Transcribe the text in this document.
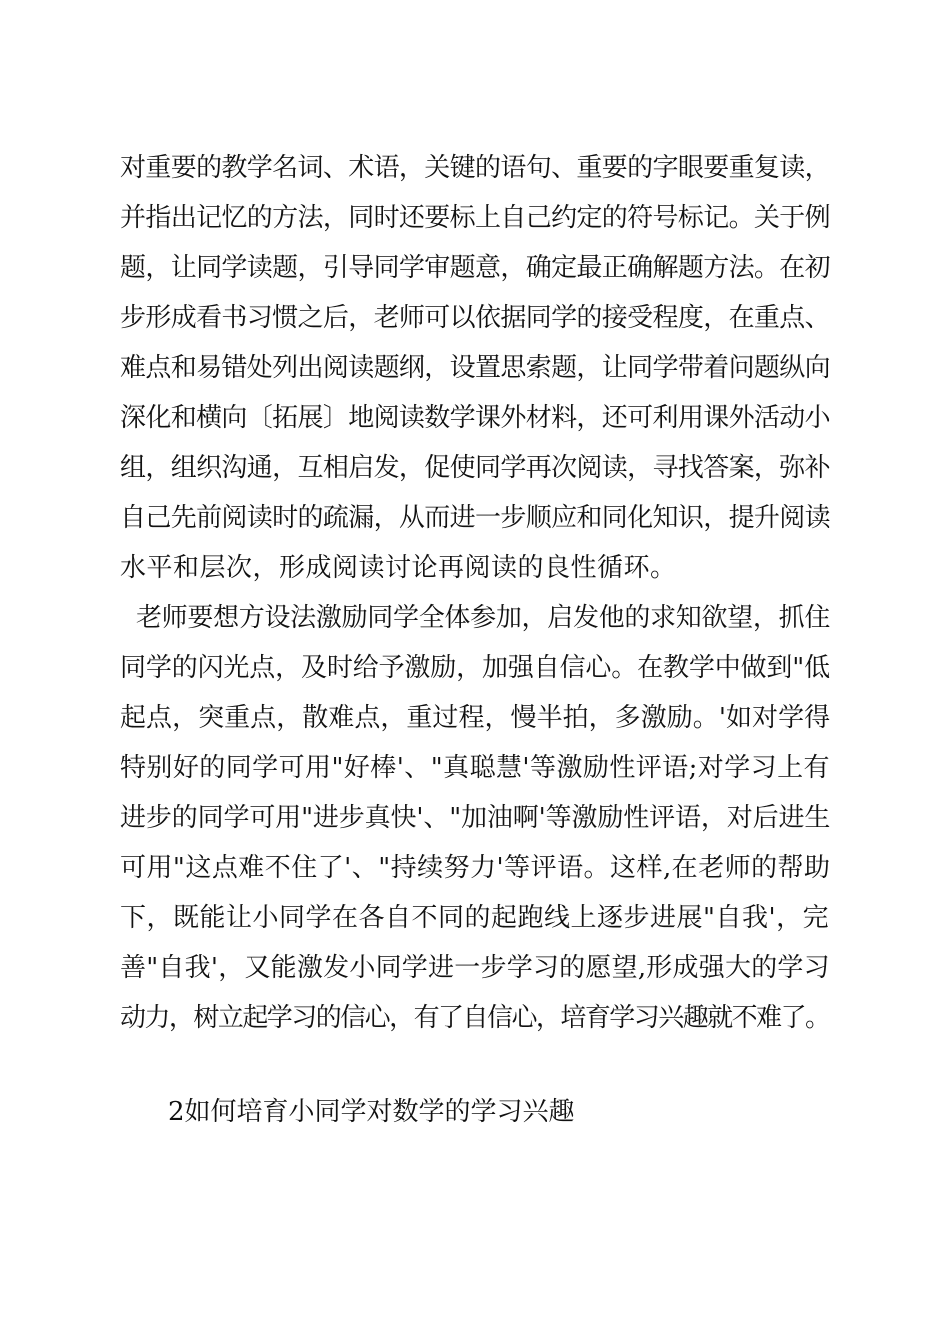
对重要的教学名词、术语，关键的语句、重要的字眼要重复读，
并指出记忆的方法，同时还要标上自己约定的符号标记。关于例
题，让同学读题，引导同学审题意，确定最正确解题方法。在初
步形成看书习惯之后，老师可以依据同学的接受程度，在重点、
难点和易错处列出阅读题纲，设置思索题，让同学带着问题纵向
深化和横向〔拓展〕地阅读数学课外材料，还可利用课外活动小
组，组织沟通，互相启发，促使同学再次阅读，寻找答案，弥补
自己先前阅读时的疏漏，从而进一步顺应和同化知识，提升阅读
水平和层次，形成阅读讨论再阅读的良性循环。
老师要想方设法激励同学全体参加，启发他的求知欲望，抓住
同学的闪光点，及时给予激励，加强自信心。在教学中做到"低
起点，突重点，散难点，重过程，慢半拍，多激励。'如对学得
特别好的同学可用"好棒'、"真聪慧'等激励性评语;对学习上有
进步的同学可用"进步真快'、"加油啊'等激励性评语，对后进生
可用"这点难不住了'、"持续努力'等评语。这样,在老师的帮助
下，既能让小同学在各自不同的起跑线上逐步进展"自我'，完
善"自我'，又能激发小同学进一步学习的愿望,形成强大的学习
动力，树立起学习的信心，有了自信心，培育学习兴趣就不难了。
2如何培育小同学对数学的学习兴趣
